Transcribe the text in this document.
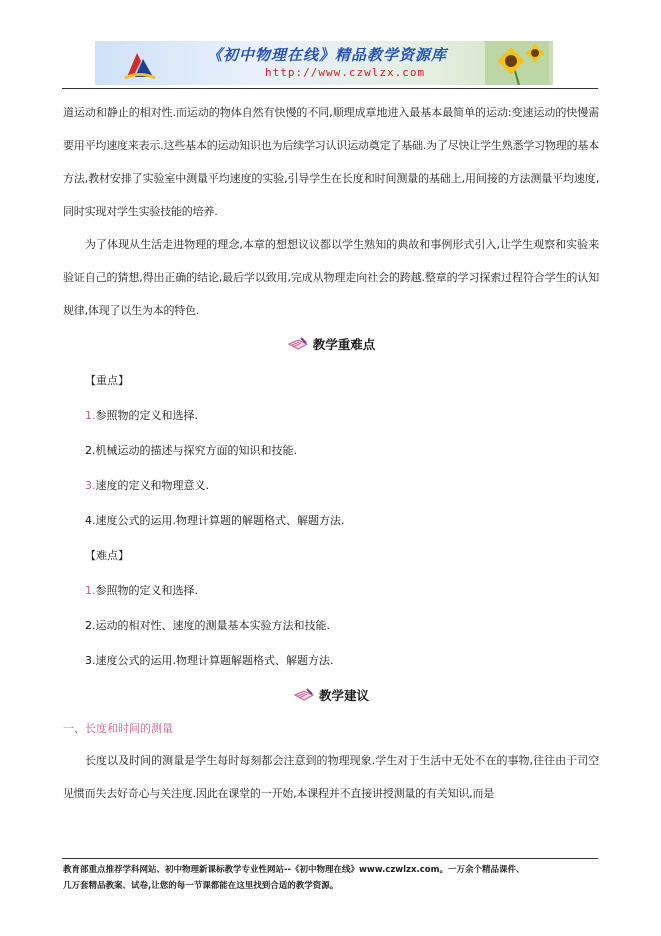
《初中物理在线》精品教学资源库
http://www.czwlzx.com

道运动和静止的相对性.而运动的物体自然有快慢的不同,顺理成章地进入最基本最简单的运动:变速运动的快慢需要用平均速度来表示.这些基本的运动知识也为后续学习认识运动奠定了基础.为了尽快让学生熟悉学习物理的基本方法,教材安排了实验室中测量平均速度的实验,引导学生在长度和时间测量的基础上,用间接的方法测量平均速度,同时实现对学生实验技能的培养.

为了体现从生活走进物理的理念,本章的想想议议都以学生熟知的典故和事例形式引入,让学生观察和实验来验证自己的猜想,得出正确的结论,最后学以致用,完成从物理走向社会的跨越.整章的学习探索过程符合学生的认知规律,体现了以生为本的特色.

教学重难点
【重点】
1.参照物的定义和选择.
2.机械运动的描述与探究方面的知识和技能.
3.速度的定义和物理意义.
4.速度公式的运用.物理计算题的解题格式、解题方法.
【难点】
1.参照物的定义和选择.
2.运动的相对性、速度的测量基本实验方法和技能.
3.速度公式的运用.物理计算题解题格式、解题方法.
教学建议
一、长度和时间的测量

长度以及时间的测量是学生每时每刻都会注意到的物理现象.学生对于生活中无处不在的事物,往往由于司空见惯而失去好奇心与关注度.因此在课堂的一开始,本课程并不直接讲授测量的有关知识,而是

教育部重点推荐学科网站、初中物理新课标教学专业性网站--《初中物理在线》www.czwlzx.com。一万余个精品课件、
几万套精品教案、试卷,让您的每一节课都能在这里找到合适的教学资源。
